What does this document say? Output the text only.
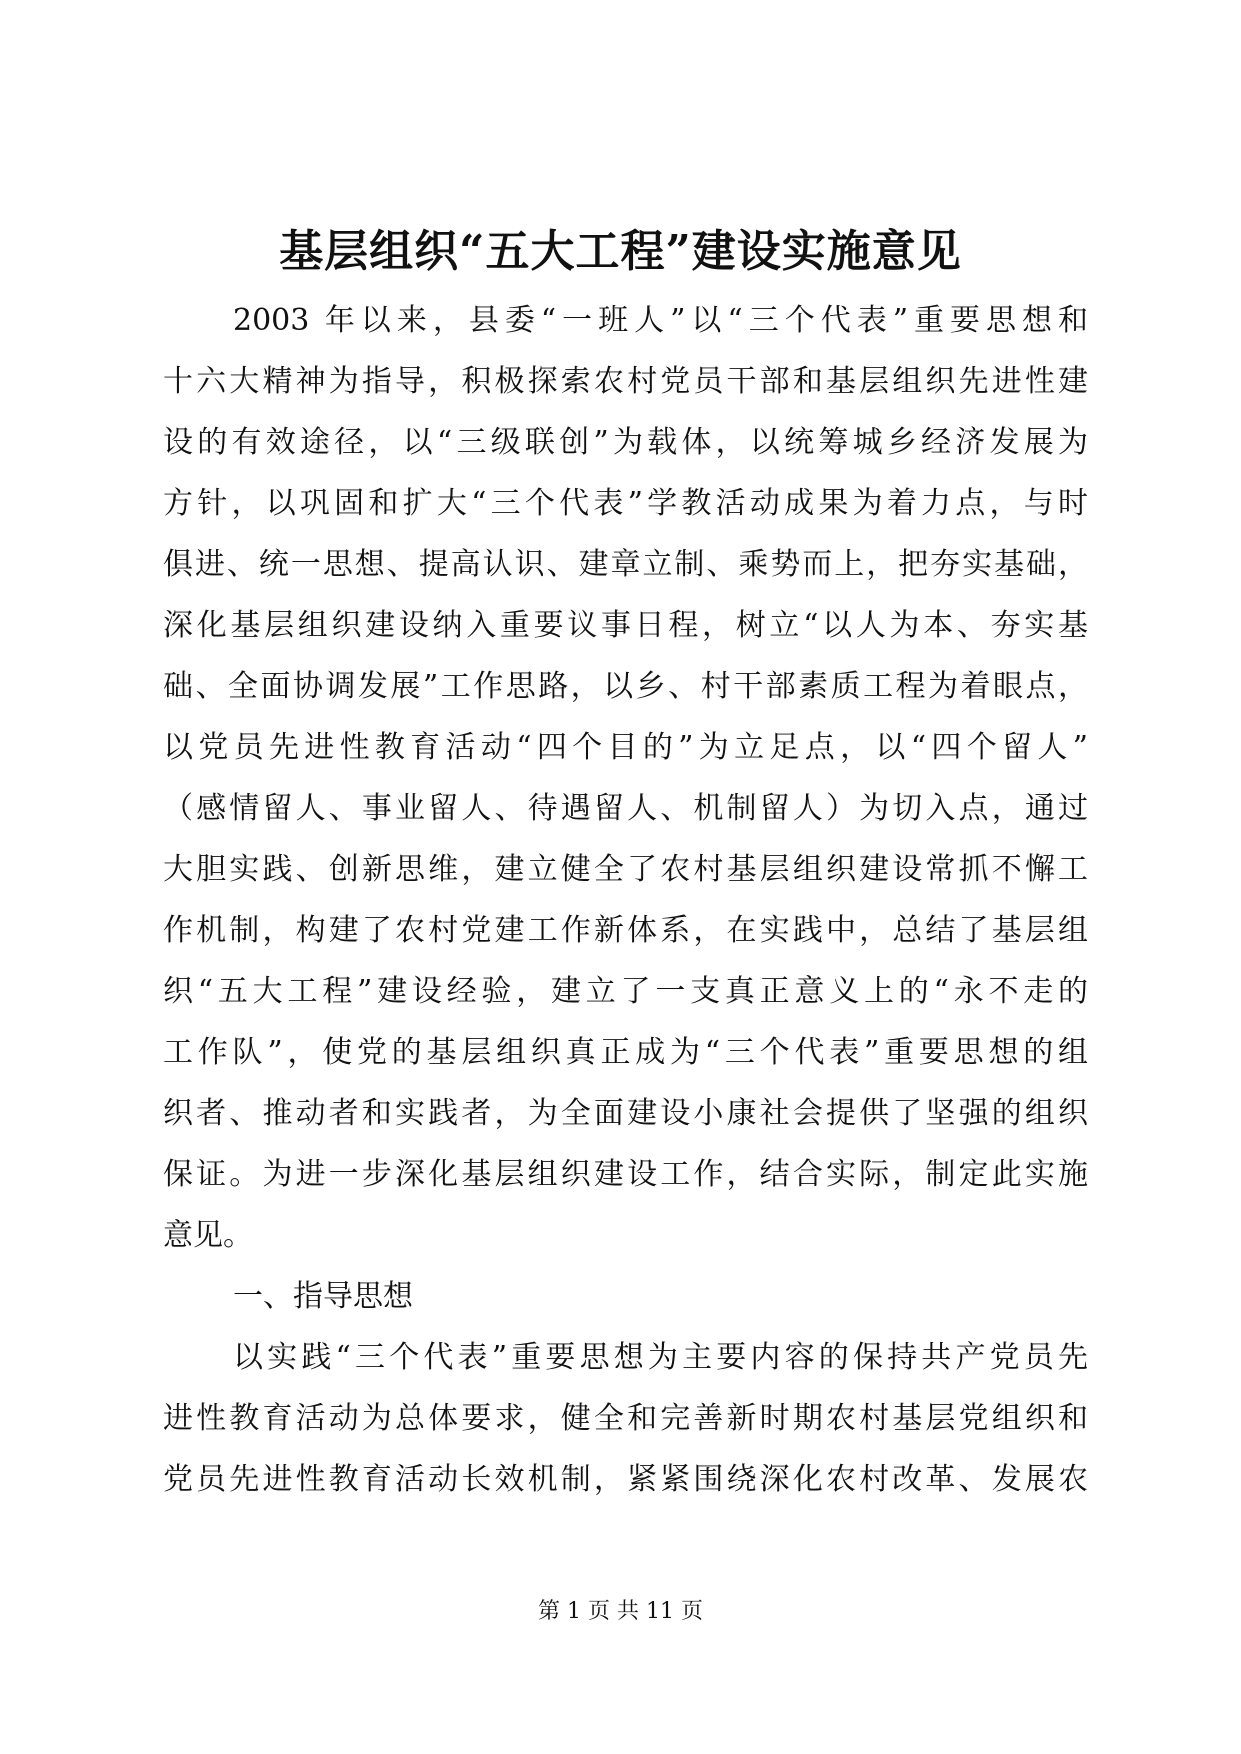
基层组织“五大工程”建设实施意见
2003 年以来，县委“一班人”以“三个代表”重要思想和
十六大精神为指导，积极探索农村党员干部和基层组织先进性建
设的有效途径，以“三级联创”为载体，以统筹城乡经济发展为
方针，以巩固和扩大“三个代表”学教活动成果为着力点，与时
俱进、统一思想、提高认识、建章立制、乘势而上，把夯实基础，
深化基层组织建设纳入重要议事日程，树立“以人为本、夯实基
础、全面协调发展”工作思路，以乡、村干部素质工程为着眼点，
以党员先进性教育活动“四个目的”为立足点，以“四个留人”
（感情留人、事业留人、待遇留人、机制留人）为切入点，通过
大胆实践、创新思维，建立健全了农村基层组织建设常抓不懈工
作机制，构建了农村党建工作新体系，在实践中，总结了基层组
织“五大工程”建设经验，建立了一支真正意义上的“永不走的
工作队”，使党的基层组织真正成为“三个代表”重要思想的组
织者、推动者和实践者，为全面建设小康社会提供了坚强的组织
保证。为进一步深化基层组织建设工作，结合实际，制定此实施
意见。
一、指导思想
以实践“三个代表”重要思想为主要内容的保持共产党员先
进性教育活动为总体要求，健全和完善新时期农村基层党组织和
党员先进性教育活动长效机制，紧紧围绕深化农村改革、发展农
第 1 页 共 11 页
